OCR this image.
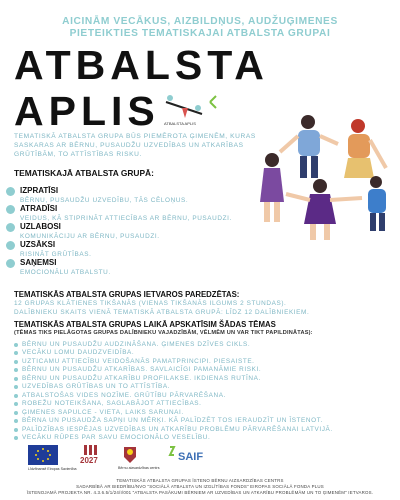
AICINĀM VECĀKUS, AIZBILDŅUS, AUDŽUĢIMENES
PIETEIKTIES TEMATISKAJAI ATBALSTA GRUPAI
ATBALSTA
APLIS ATBALSTA APLIS
TEMATISKĀ ATBALSTA GRUPA BŪS PIEMĒROTA ĢIMENĒM, KURAS SASKARAS AR BĒRNU, PUSAUDŽU UZVEDĪBAS UN ATKARĪBAS GRŪTĪBĀM, TO ATTĪSTĪBAS RISKU.
TEMATISKAJĀ ATBALSTA GRUPĀ:
IZPRATĪSI
BĒRNU, PUSAUDŽU UZVEDĪBU, TĀS CĒLOŅUS.
ATRADĪSI
VEIDUS, KĀ STIPRINĀT ATTIECĪBAS AR BĒRNU, PUSAUDZI.
UZLABOSI
KOMUNIKĀCIJU AR BĒRNU, PUSAUDZI.
UZSĀKSI
RISINĀT GRŪTĪBAS.
SAŅEMSI
EMOCIONĀLU ATBALSTU.
TEMATISKĀS ATBALSTA GRUPAS IETVAROS PAREDZĒTAS:
12 GRUPAS KLĀTIENES TIKŠANĀS (VIENAS TIKŠANĀS ILGUMS 2 STUNDAS).
DALĪBNIEKU SKAITS VIENĀ TEMATISKĀ ATBALSTA GRUPĀ: LĪDZ 12 DALĪBNIEKIEM.
TEMATISKĀS ATBALSTA GRUPAS LAIKĀ APSKATĪSIM ŠĀDAS TĒMAS
(TĒMAS TIKS PIELĀGOTAS GRUPAS DALĪBNIEKU VAJADZĪBĀM, VĒLMĒM UN VAR TIKT PAPILDINĀTAS):
BĒRNU UN PUSAUDŽU AUDZINĀŠANA. ĢIMENES DZĪVES CIKLS.
VECĀKU LOMU DAUDZVEIDĪBA.
UZTICAMU ATTIECĪBU VEIDOŠANĀS PAMATPRINCIPI. PIESAISTE.
BĒRNU UN PUSAUDŽU ATKARĪBAS. SAVLAICĪGI PAMANĀMIE RISKI.
BĒRNU UN PUSAUDŽU ATKARĪBU PROFILAKSE. IKDIENAS RUTĪNA.
UZVEDĪBAS GRŪTĪBAS UN TO ATTĪSTĪBA.
ATBALSTOŠAS VIDES NOZĪME. GRŪTĪBU PĀRVARĒŠANA.
ROBEŽU NOTEIKŠANA, SAGLABĀJOT ATTIECĪBAS.
ĢIMENES SAPULCE - VIETA, LAIKS SARUNAI.
BĒRNA UN PUSAUDŽA SAPŅI UN MĒRĶI. KĀ PALĪDZĒT TOS IERAUDZĪT UN ĪSTENOT.
PALĪDZĪBAS IESPĒJAS UZVEDĪBAS UN ATKARĪBU PROBLĒMU PĀRVARĒŠANAI LATVIJĀ.
VECĀKU RŪPES PAR SAVU EMOCIONĀLO VESELĪBU.
Līdzfinansē Eiropas Savienība
2027
Bērnu aizsardzības centrs
SAIF
TEMATISKĀS ATBALSTA GRUPAS ĪSTENO BĒRNU AIZSARDZĪBAS CENTRS
SADARBĪBĀ AR BIEDRĪBU/NVO "SOCIĀLĀ ATBALSTA UN IZGLĪTĪBAS FONDS" EIROPAS SOCIĀLĀ FONDA PLUS
ĪSTENOJAMĀ PROJEKTA NR. 4.3.6.5/1/24/I/001 "ATBALSTA PASĀKUMI BĒRNIEM AR UZVEDĪBAS UN ATKARĪBU PROBLĒMĀM UN TO ĢIMENĒM" IETVAROS.
